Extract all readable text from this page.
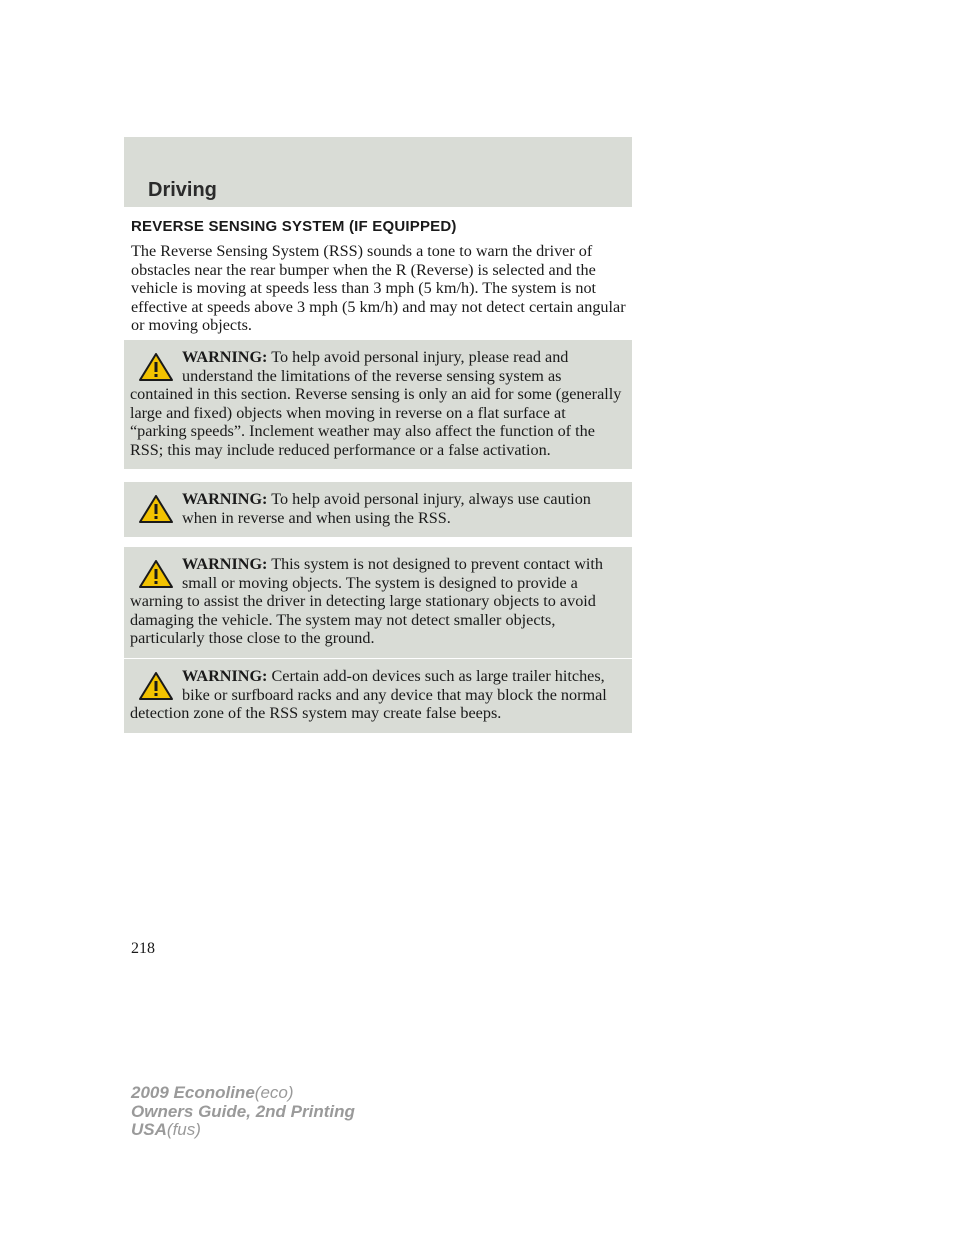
Driving
REVERSE SENSING SYSTEM (IF EQUIPPED)

The Reverse Sensing System (RSS) sounds a tone to warn the driver of obstacles near the rear bumper when the R (Reverse) is selected and the vehicle is moving at speeds less than 3 mph (5 km/h). The system is not effective at speeds above 3 mph (5 km/h) and may not detect certain angular or moving objects.

WARNING: To help avoid personal injury, please read and understand the limitations of the reverse sensing system as contained in this section. Reverse sensing is only an aid for some (generally large and fixed) objects when moving in reverse on a flat surface at “parking speeds”. Inclement weather may also affect the function of the RSS; this may include reduced performance or a false activation.

WARNING: To help avoid personal injury, always use caution when in reverse and when using the RSS.

WARNING: This system is not designed to prevent contact with small or moving objects. The system is designed to provide a warning to assist the driver in detecting large stationary objects to avoid damaging the vehicle. The system may not detect smaller objects, particularly those close to the ground.

WARNING: Certain add-on devices such as large trailer hitches, bike or surfboard racks and any device that may block the normal detection zone of the RSS system may create false beeps.

218
2009 Econoline(eco)
Owners Guide, 2nd Printing
USA(fus)
